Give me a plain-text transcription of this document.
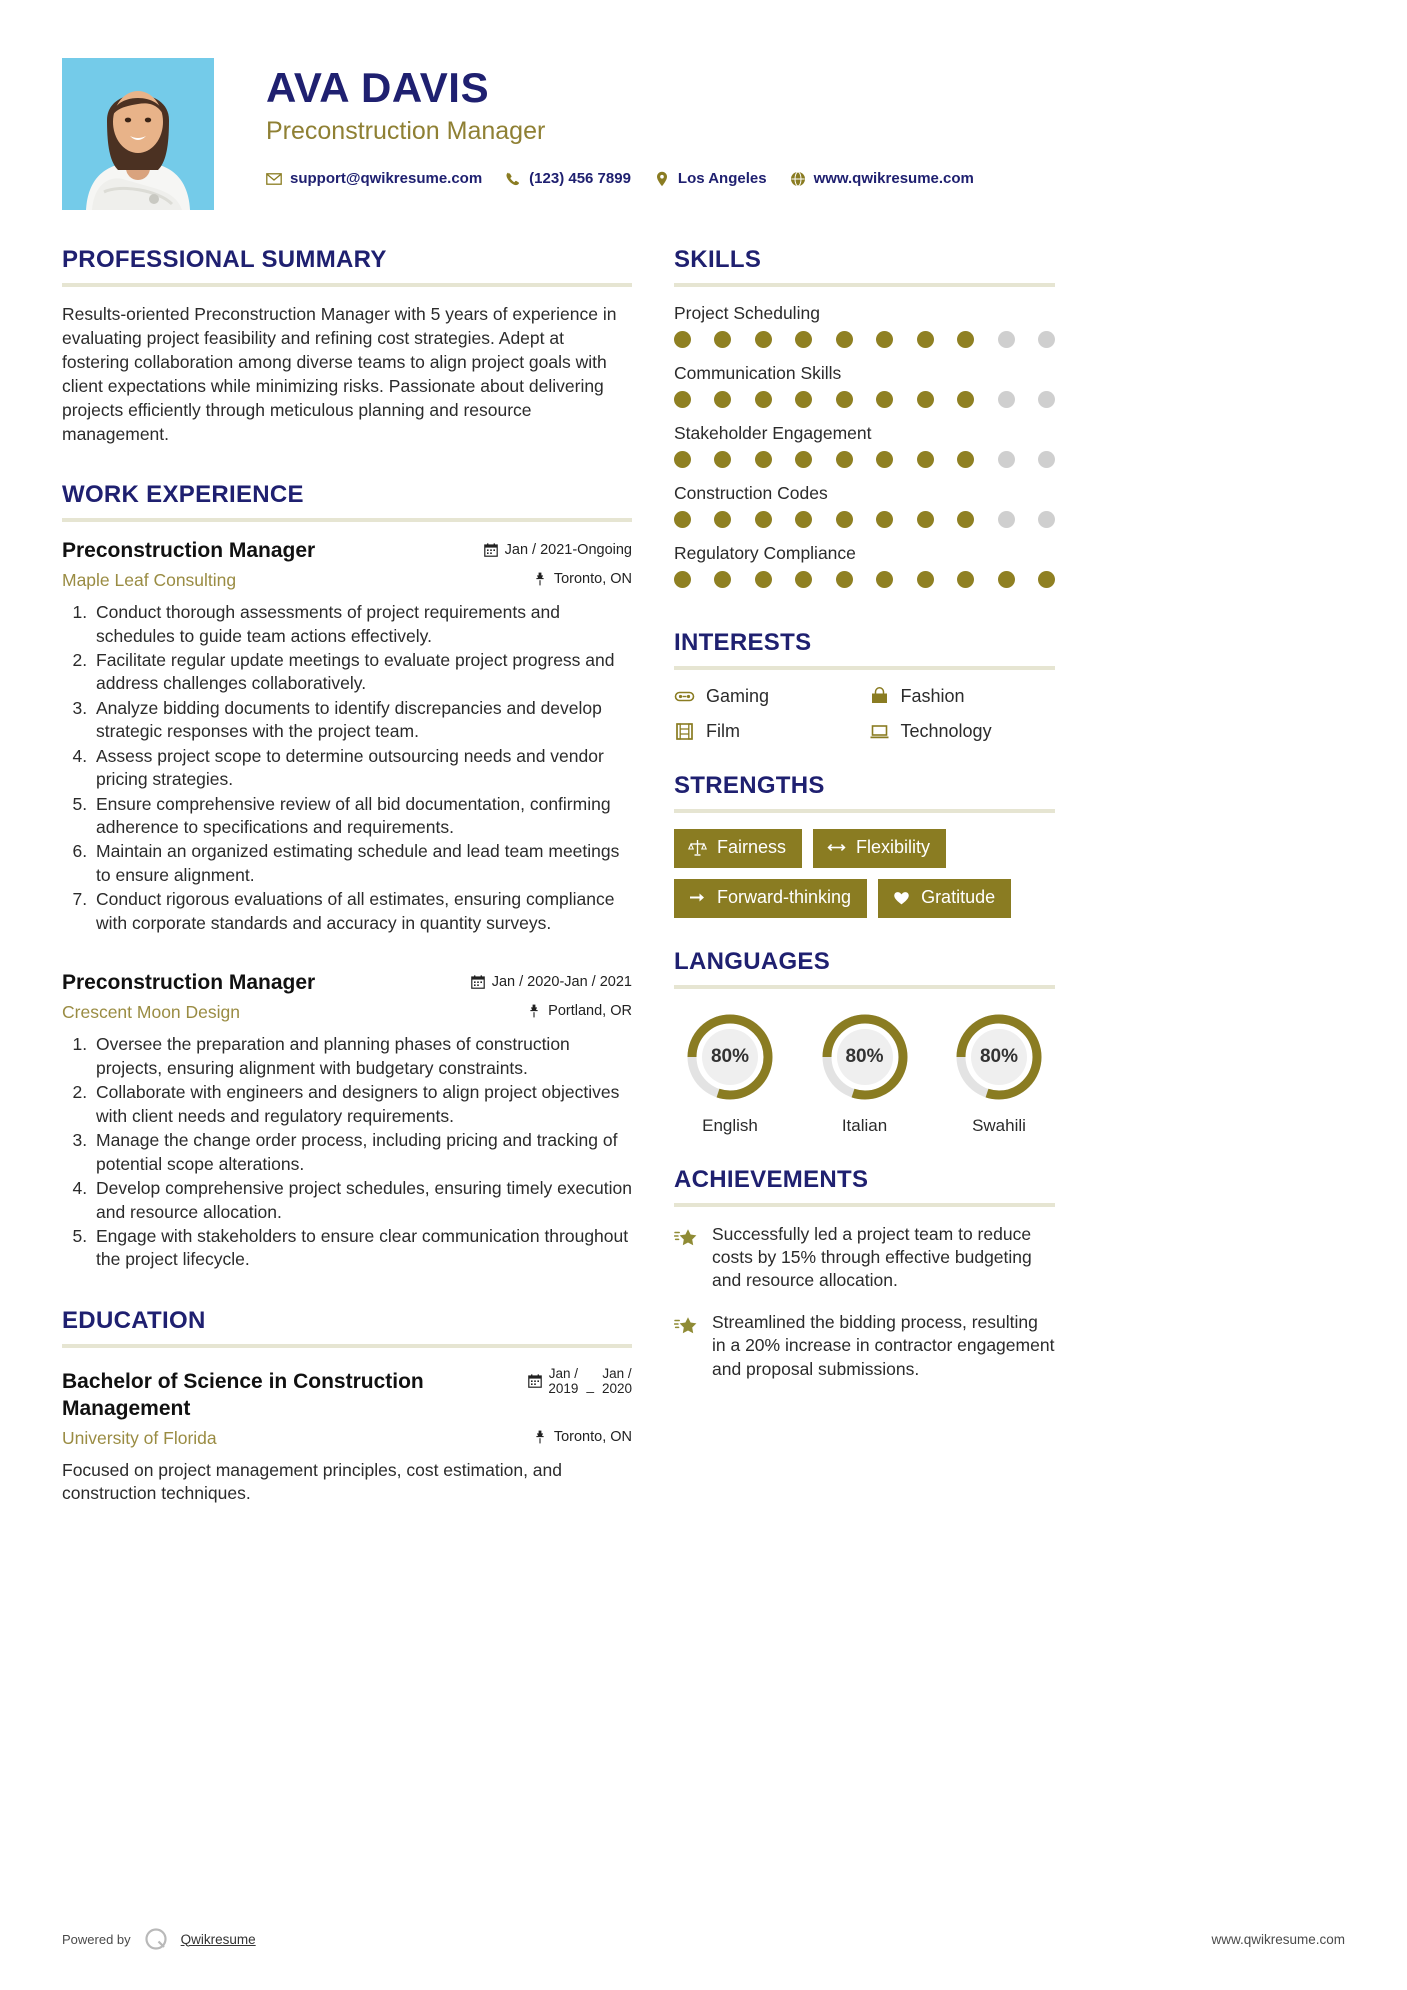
AVA DAVIS
Preconstruction Manager
support@qwikresume.com	(123) 456 7899	Los Angeles	www.qwikresume.com
PROFESSIONAL SUMMARY
Results-oriented Preconstruction Manager with 5 years of experience in evaluating project feasibility and refining cost strategies. Adept at fostering collaboration among diverse teams to align project goals with client expectations while minimizing risks. Passionate about delivering projects efficiently through meticulous planning and resource management.
WORK EXPERIENCE
Preconstruction Manager	Jan / 2021-Ongoing
Maple Leaf Consulting	Toronto, ON
1. Conduct thorough assessments of project requirements and schedules to guide team actions effectively.
2. Facilitate regular update meetings to evaluate project progress and address challenges collaboratively.
3. Analyze bidding documents to identify discrepancies and develop strategic responses with the project team.
4. Assess project scope to determine outsourcing needs and vendor pricing strategies.
5. Ensure comprehensive review of all bid documentation, confirming adherence to specifications and requirements.
6. Maintain an organized estimating schedule and lead team meetings to ensure alignment.
7. Conduct rigorous evaluations of all estimates, ensuring compliance with corporate standards and accuracy in quantity surveys.
Preconstruction Manager	Jan / 2020-Jan / 2021
Crescent Moon Design	Portland, OR
1. Oversee the preparation and planning phases of construction projects, ensuring alignment with budgetary constraints.
2. Collaborate with engineers and designers to align project objectives with client needs and regulatory requirements.
3. Manage the change order process, including pricing and tracking of potential scope alterations.
4. Develop comprehensive project schedules, ensuring timely execution and resource allocation.
5. Engage with stakeholders to ensure clear communication throughout the project lifecycle.
EDUCATION
Bachelor of Science in Construction Management
Jan /
2019 _
Jan /
2020
University of Florida	Toronto, ON
Focused on project management principles, cost estimation, and construction techniques.
SKILLS
Project Scheduling
Communication Skills
Stakeholder Engagement
Construction Codes
Regulatory Compliance
INTERESTS
Gaming	Fashion
Film	Technology
STRENGTHS
Fairness	Flexibility
Forward-thinking	Gratitude
LANGUAGES
80%
English
80%
Italian
80%
Swahili
ACHIEVEMENTS
Successfully led a project team to reduce costs by 15% through effective budgeting and resource allocation.
Streamlined the bidding process, resulting in a 20% increase in contractor engagement and proposal submissions.
Powered by	Qwikresume	www.qwikresume.com
